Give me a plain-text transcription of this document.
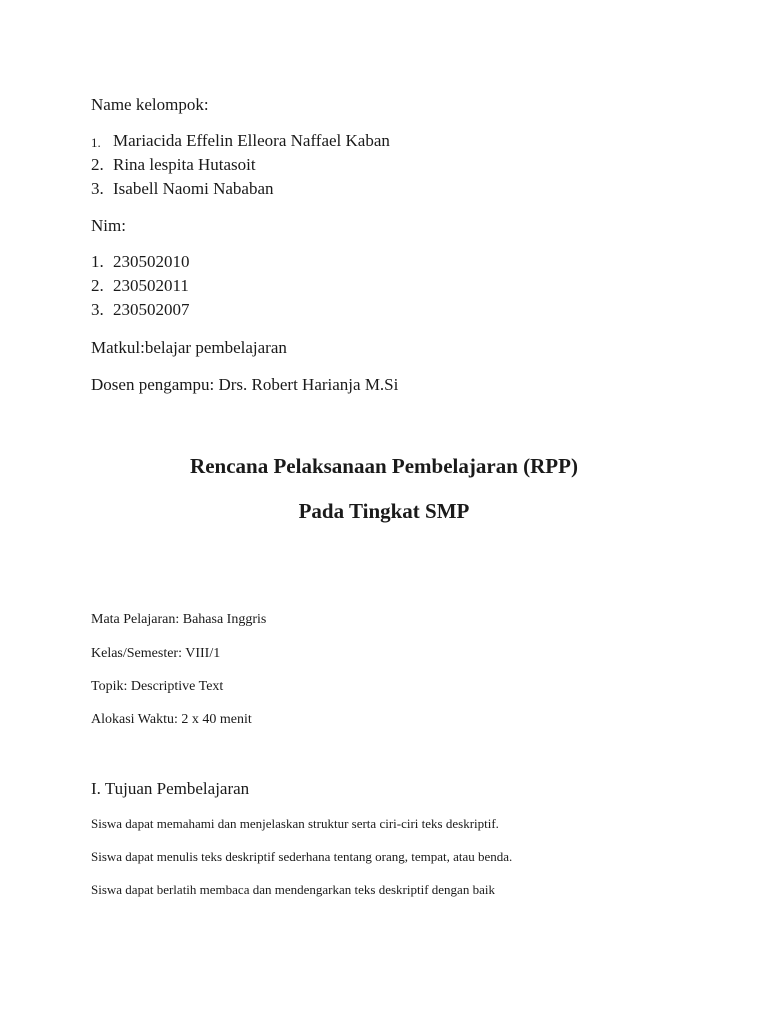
Name kelompok:

1. Mariacida Effelin Elleora Naffael Kaban
2. Rina lespita Hutasoit
3. Isabell Naomi Nababan

Nim:

1. 230502010
2. 230502011
3. 230502007

Matkul:belajar pembelajaran

Dosen pengampu: Drs. Robert Harianja M.Si

Rencana Pelaksanaan Pembelajaran (RPP)

Pada Tingkat SMP

Mata Pelajaran: Bahasa Inggris

Kelas/Semester: VIII/1

Topik: Descriptive Text

Alokasi Waktu: 2 x 40 menit

I. Tujuan Pembelajaran

Siswa dapat memahami dan menjelaskan struktur serta ciri-ciri teks deskriptif.

Siswa dapat menulis teks deskriptif sederhana tentang orang, tempat, atau benda.

Siswa dapat berlatih membaca dan mendengarkan teks deskriptif dengan baik
